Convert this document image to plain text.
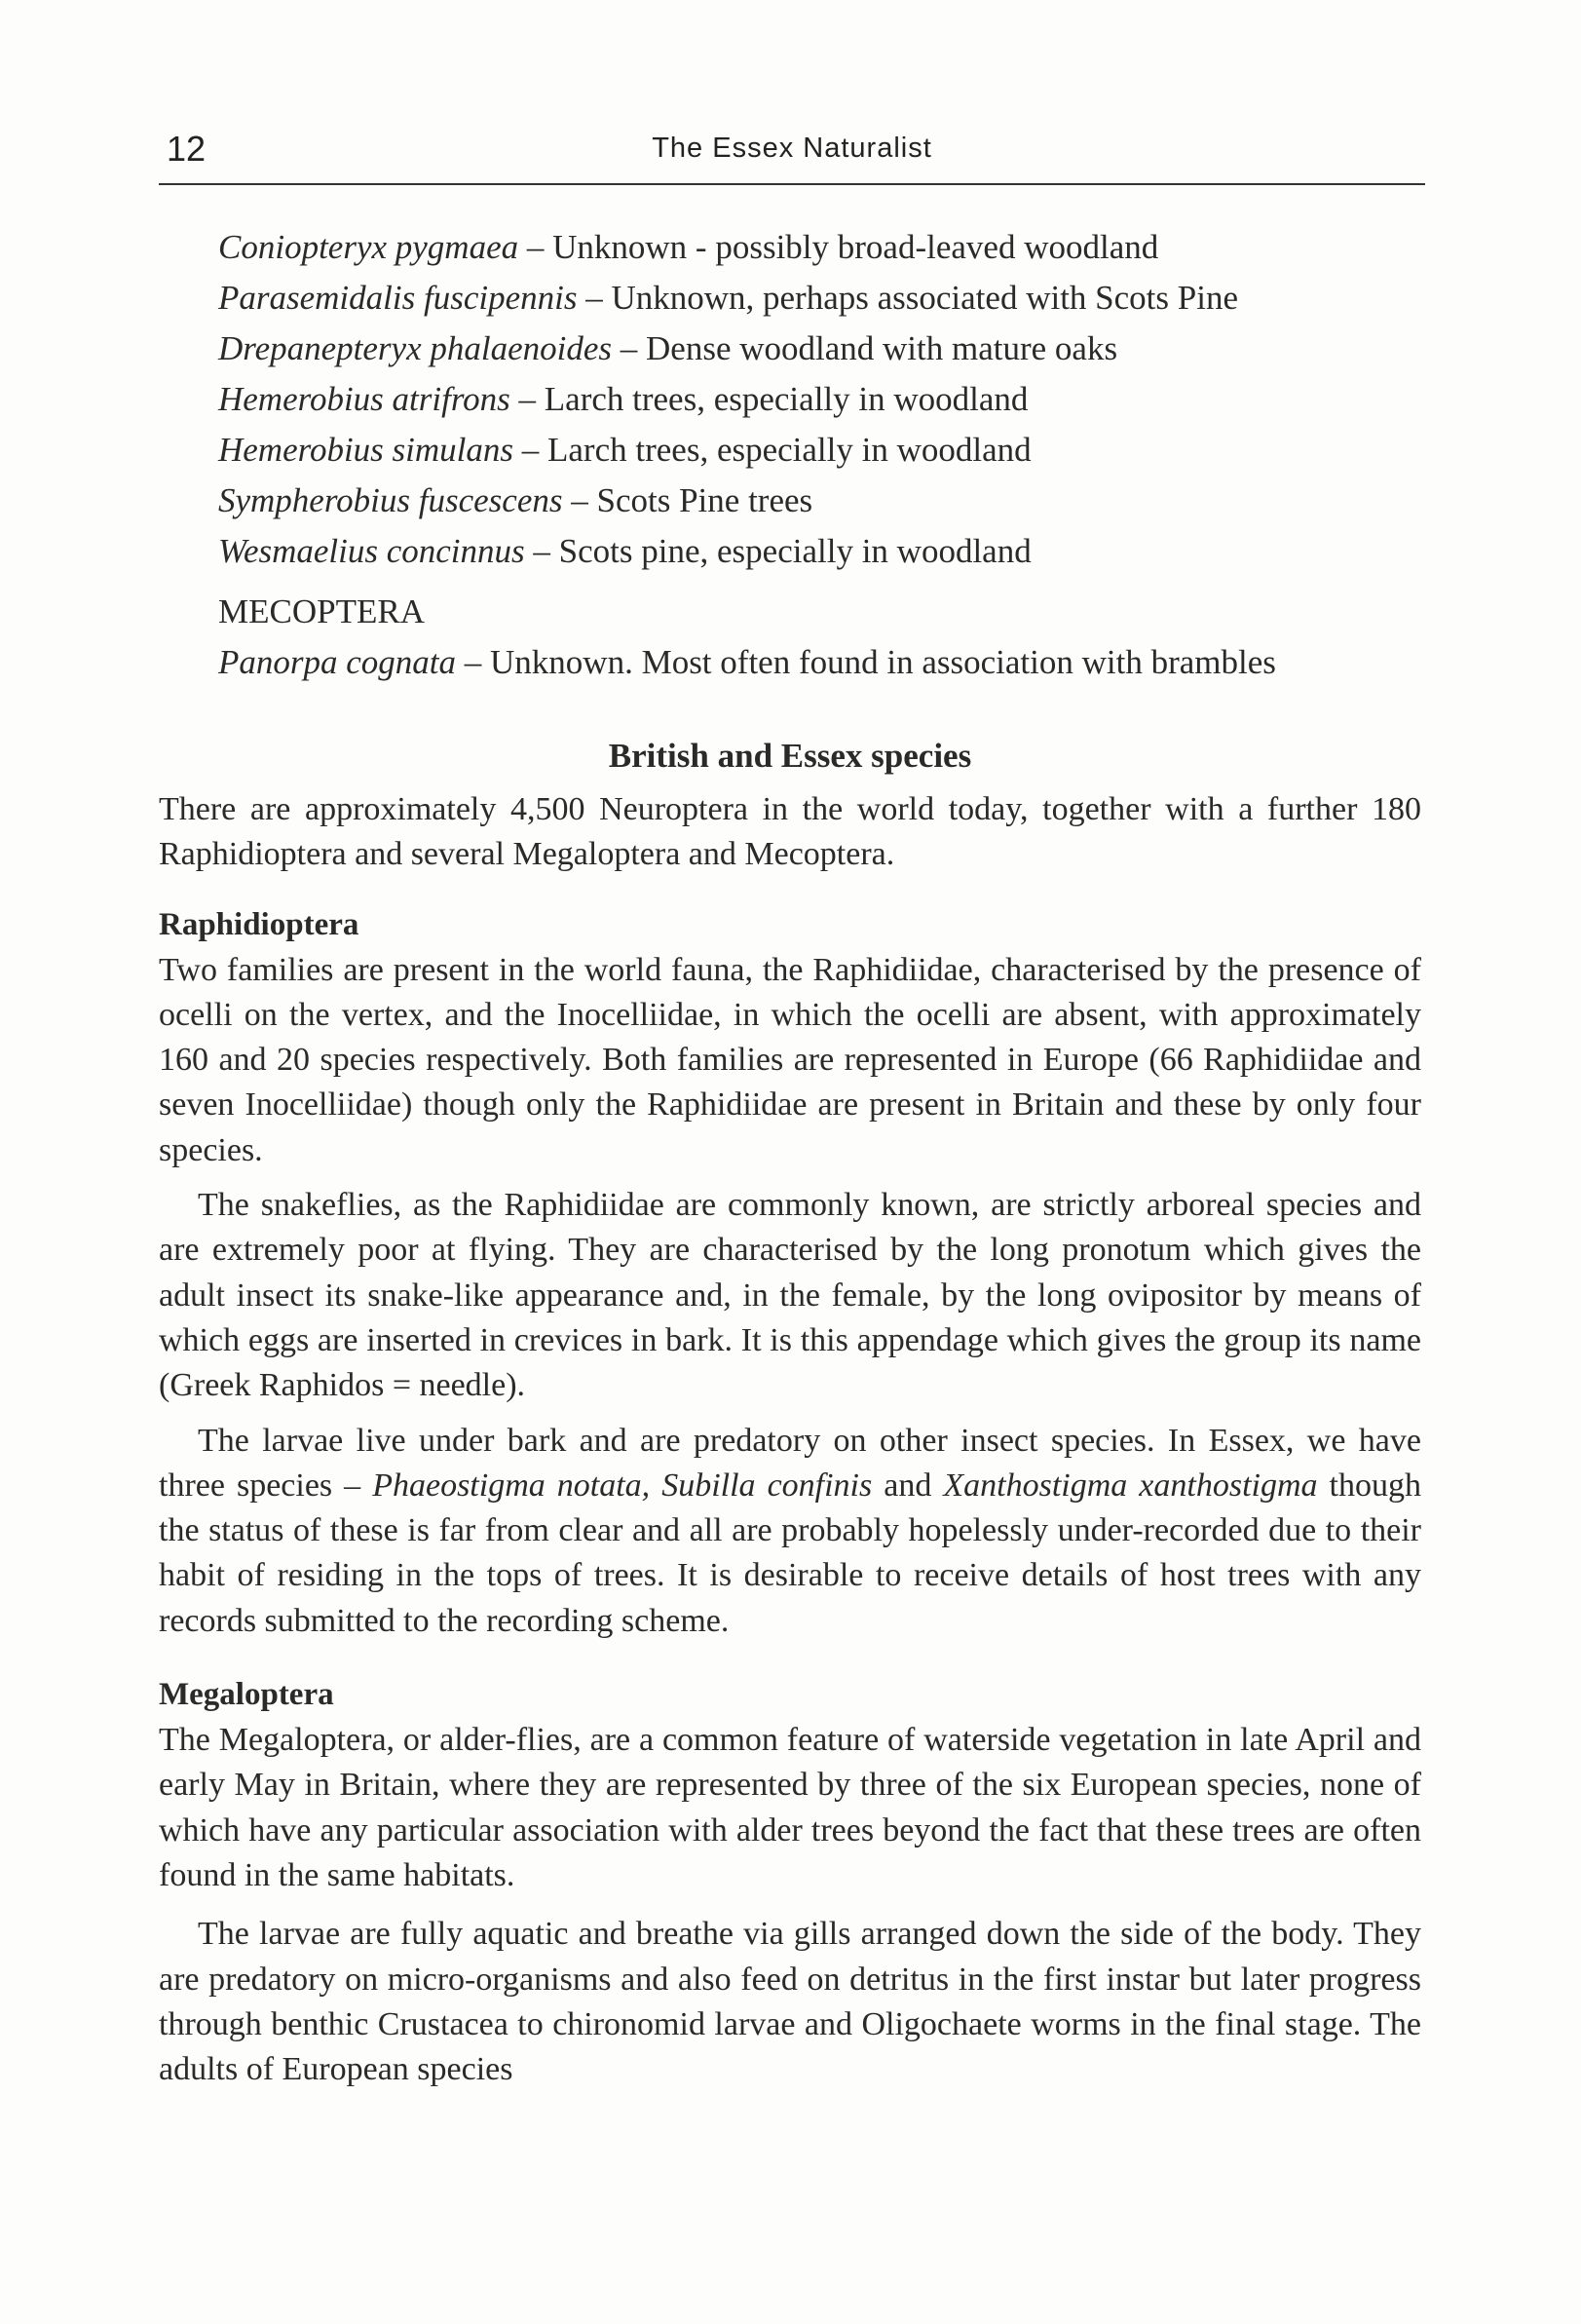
12	The Essex Naturalist
Coniopteryx pygmaea – Unknown - possibly broad-leaved woodland
Parasemidalis fuscipennis – Unknown, perhaps associated with Scots Pine
Drepanepteryx phalaenoides – Dense woodland with mature oaks
Hemerobius atrifrons – Larch trees, especially in woodland
Hemerobius simulans – Larch trees, especially in woodland
Sympherobius fuscescens – Scots Pine trees
Wesmaelius concinnus – Scots pine, especially in woodland
MECOPTERA
Panorpa cognata – Unknown. Most often found in association with brambles
British and Essex species

There are approximately 4,500 Neuroptera in the world today, together with a further 180 Raphidioptera and several Megaloptera and Mecoptera.

Raphidioptera

Two families are present in the world fauna, the Raphidiidae, characterised by the presence of ocelli on the vertex, and the Inocelliidae, in which the ocelli are absent, with approximately 160 and 20 species respectively. Both families are represented in Europe (66 Raphidiidae and seven Inocelliidae) though only the Raphidiidae are present in Britain and these by only four species.

The snakeflies, as the Raphidiidae are commonly known, are strictly arboreal species and are extremely poor at flying. They are characterised by the long pronotum which gives the adult insect its snake-like appearance and, in the female, by the long ovipositor by means of which eggs are inserted in crevices in bark. It is this appendage which gives the group its name (Greek Raphidos = needle).

The larvae live under bark and are predatory on other insect species. In Essex, we have three species – Phaeostigma notata, Subilla confinis and Xanthostigma xanthostigma though the status of these is far from clear and all are probably hopelessly under-recorded due to their habit of residing in the tops of trees. It is desirable to receive details of host trees with any records submitted to the recording scheme.

Megaloptera

The Megaloptera, or alder-flies, are a common feature of waterside vegetation in late April and early May in Britain, where they are represented by three of the six European species, none of which have any particular association with alder trees beyond the fact that these trees are often found in the same habitats.

The larvae are fully aquatic and breathe via gills arranged down the side of the body. They are predatory on micro-organisms and also feed on detritus in the first instar but later progress through benthic Crustacea to chironomid larvae and Oligochaete worms in the final stage. The adults of European species
